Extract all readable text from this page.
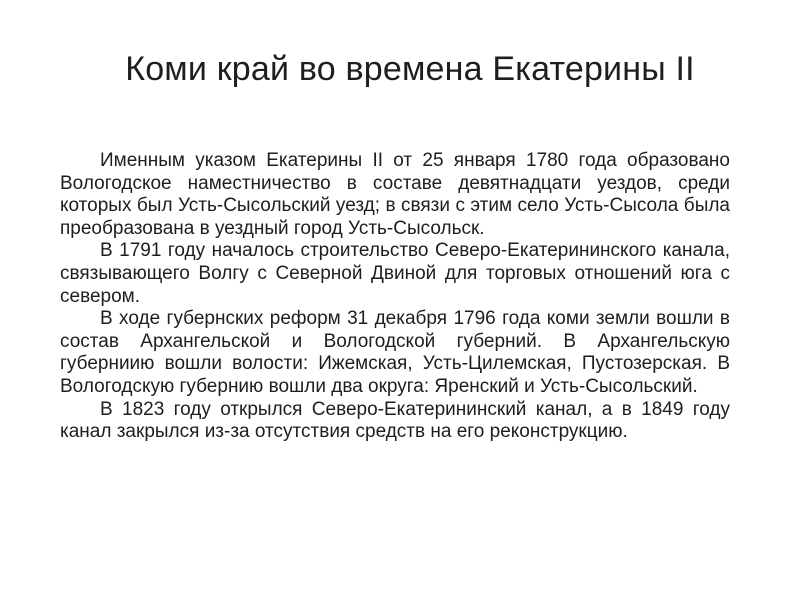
Коми край во времена Екатерины II

Именным указом Екатерины II от 25 января 1780 года образовано Вологодское наместничество в составе девятнадцати уездов, среди которых был Усть-Сысольский уезд; в связи с этим село Усть-Сысола была преобразована в уездный город Усть-Сысольск.

В 1791 году началось строительство Северо-Екатерининского канала, связывающего Волгу с Северной Двиной для торговых отношений юга с севером.

В ходе губернских реформ 31 декабря 1796 года коми земли вошли в состав Архангельской и Вологодской губерний. В Архангельскую губерниию вошли волости: Ижемская, Усть-Цилемская, Пустозерская. В Вологодскую губернию вошли два округа: Яренский и Усть-Сысольский.

В 1823 году открылся Северо-Екатерининский канал, а в 1849 году канал закрылся из-за отсутствия средств на его реконструкцию.
